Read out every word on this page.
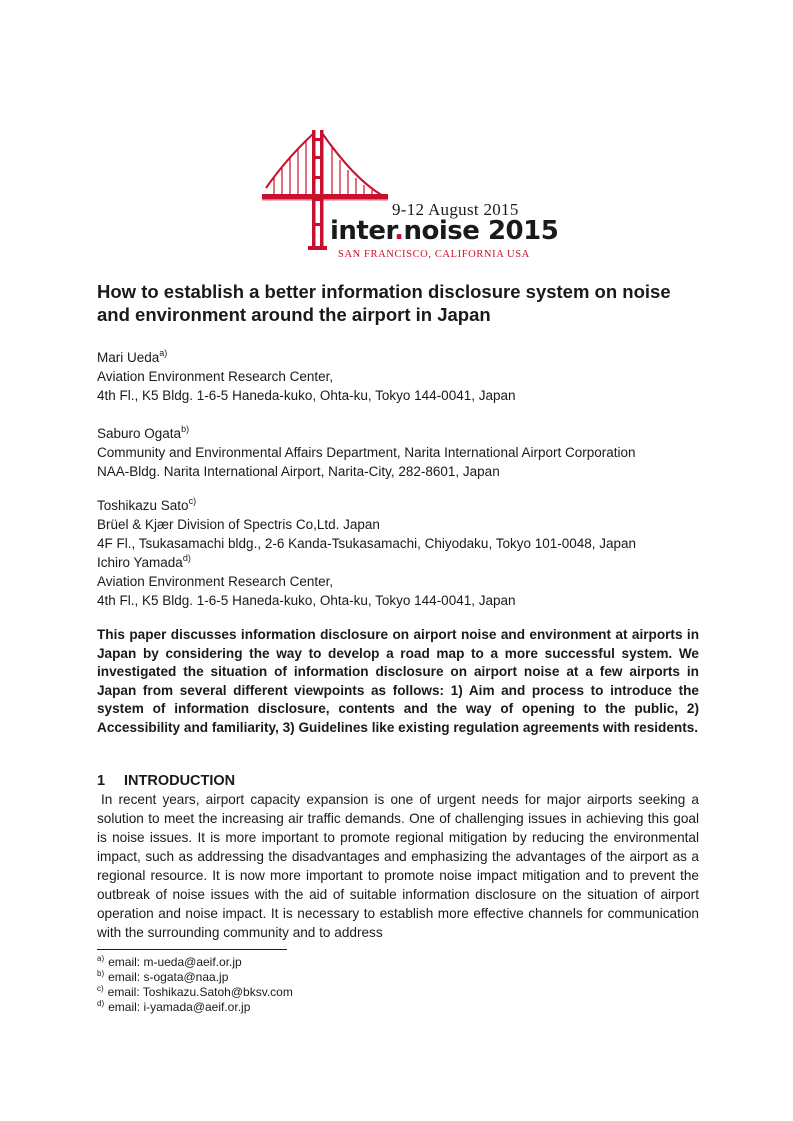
9-12 August 2015
inter.noise 2015
SAN FRANCISCO, CALIFORNIA USA
How to establish a better information disclosure system on noise and environment around the airport in Japan
Mari Ueda$^{a)}$
Aviation Environment Research Center,
4th Fl., K5 Bldg. 1-6-5 Haneda-kuko, Ohta-ku, Tokyo 144-0041, Japan
Saburo Ogata$^{b)}$
Community and Environmental Affairs Department, Narita International Airport Corporation
NAA-Bldg. Narita International Airport, Narita-City, 282-8601, Japan
Toshikazu Sato$^{c)}$
Brüel & Kjær Division of Spectris Co,Ltd. Japan
4F Fl., Tsukasamachi bldg., 2-6 Kanda-Tsukasamachi, Chiyodaku, Tokyo 101-0048, Japan
Ichiro Yamada$^{d)}$
Aviation Environment Research Center,
4th Fl., K5 Bldg. 1-6-5 Haneda-kuko, Ohta-ku, Tokyo 144-0041, Japan

This paper discusses information disclosure on airport noise and environment at airports in Japan by considering the way to develop a road map to a more successful system. We investigated the situation of information disclosure on airport noise at a few airports in Japan from several different viewpoints as follows: 1) Aim and process to introduce the system of information disclosure, contents and the way of opening to the public, 2) Accessibility and familiarity, 3) Guidelines like existing regulation agreements with residents.

1 INTRODUCTION

In recent years, airport capacity expansion is one of urgent needs for major airports seeking a solution to meet the increasing air traffic demands. One of challenging issues in achieving this goal is noise issues. It is more important to promote regional mitigation by reducing the environmental impact, such as addressing the disadvantages and emphasizing the advantages of the airport as a regional resource. It is now more important to promote noise impact mitigation and to prevent the outbreak of noise issues with the aid of suitable information disclosure on the situation of airport operation and noise impact. It is necessary to establish more effective channels for communication with the surrounding community and to address

$^{a)}$ email: m-ueda@aeif.or.jp
$^{b)}$ email: s-ogata@naa.jp
$^{c)}$ email: Toshikazu.Satoh@bksv.com
$^{d)}$ email: i-yamada@aeif.or.jp
